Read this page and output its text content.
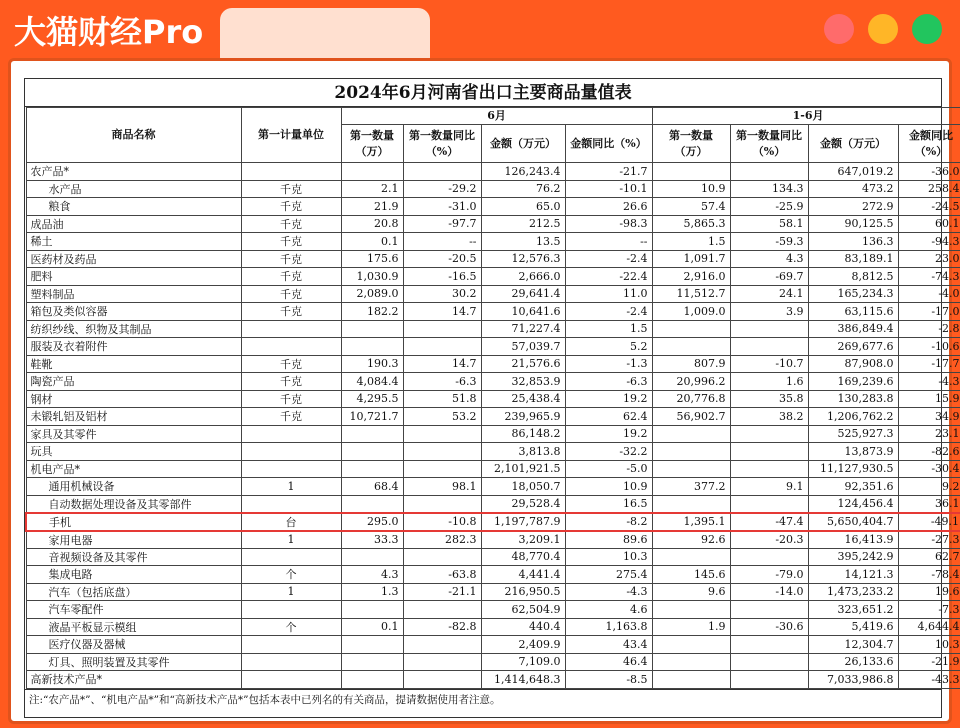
大猫财经Pro
2024年6月河南省出口主要商品量值表
商品名称	第一计量单位	6月				1-6月			
		第一数量（万）	第一数量同比（%）	金额（万元）	金额同比（%）	第一数量（万）	第一数量同比（%）	金额（万元）	金额同比（%）
农产品*				126,243.4	-21.7			647,019.2	-36.0
水产品	千克	2.1	-29.2	76.2	-10.1	10.9	134.3	473.2	258.4
粮食	千克	21.9	-31.0	65.0	26.6	57.4	-25.9	272.9	-24.5
成品油	千克	20.8	-97.7	212.5	-98.3	5,865.3	58.1	90,125.5	60.1
稀土	千克	0.1	--	13.5	--	1.5	-59.3	136.3	-94.3
医药材及药品	千克	175.6	-20.5	12,576.3	-2.4	1,091.7	4.3	83,189.1	23.0
肥料	千克	1,030.9	-16.5	2,666.0	-22.4	2,916.0	-69.7	8,812.5	-74.3
塑料制品	千克	2,089.0	30.2	29,641.4	11.0	11,512.7	24.1	165,234.3	-4.0
箱包及类似容器	千克	182.2	14.7	10,641.6	-2.4	1,009.0	3.9	63,115.6	-17.0
纺织纱线、织物及其制品				71,227.4	1.5			386,849.4	-2.8
服装及衣着附件				57,039.7	5.2			269,677.6	-10.6
鞋靴	千克	190.3	14.7	21,576.6	-1.3	807.9	-10.7	87,908.0	-17.7
陶瓷产品	千克	4,084.4	-6.3	32,853.9	-6.3	20,996.2	1.6	169,239.6	-4.3
钢材	千克	4,295.5	51.8	25,438.4	19.2	20,776.8	35.8	130,283.8	15.9
未锻轧铝及铝材	千克	10,721.7	53.2	239,965.9	62.4	56,902.7	38.2	1,206,762.2	34.9
家具及其零件				86,148.2	19.2			525,927.3	23.1
玩具				3,813.8	-32.2			13,873.9	-82.6
机电产品*				2,101,921.5	-5.0			11,127,930.5	-30.4
通用机械设备	1	68.4	98.1	18,050.7	10.9	377.2	9.1	92,351.6	9.2
自动数据处理设备及其零部件				29,528.4	16.5			124,456.4	36.1
手机	台	295.0	-10.8	1,197,787.9	-8.2	1,395.1	-47.4	5,650,404.7	-49.1
家用电器	1	33.3	282.3	3,209.1	89.6	92.6	-20.3	16,413.9	-27.3
音视频设备及其零件				48,770.4	10.3			395,242.9	62.7
集成电路	个	4.3	-63.8	4,441.4	275.4	145.6	-79.0	14,121.3	-78.4
汽车（包括底盘）	1	1.3	-21.1	216,950.5	-4.3	9.6	-14.0	1,473,233.2	19.6
汽车零配件				62,504.9	4.6			323,651.2	-7.3
液晶平板显示模组	个	0.1	-82.8	440.4	1,163.8	1.9	-30.6	5,419.6	4,644.4
医疗仪器及器械				2,409.9	43.4			12,304.7	10.3
灯具、照明装置及其零件				7,109.0	46.4			26,133.6	-21.9
高新技术产品*				1,414,648.3	-8.5			7,033,986.8	-43.3
注:“农产品*”、“机电产品*”和“高新技术产品*”包括本表中已列名的有关商品，提请数据使用者注意。
